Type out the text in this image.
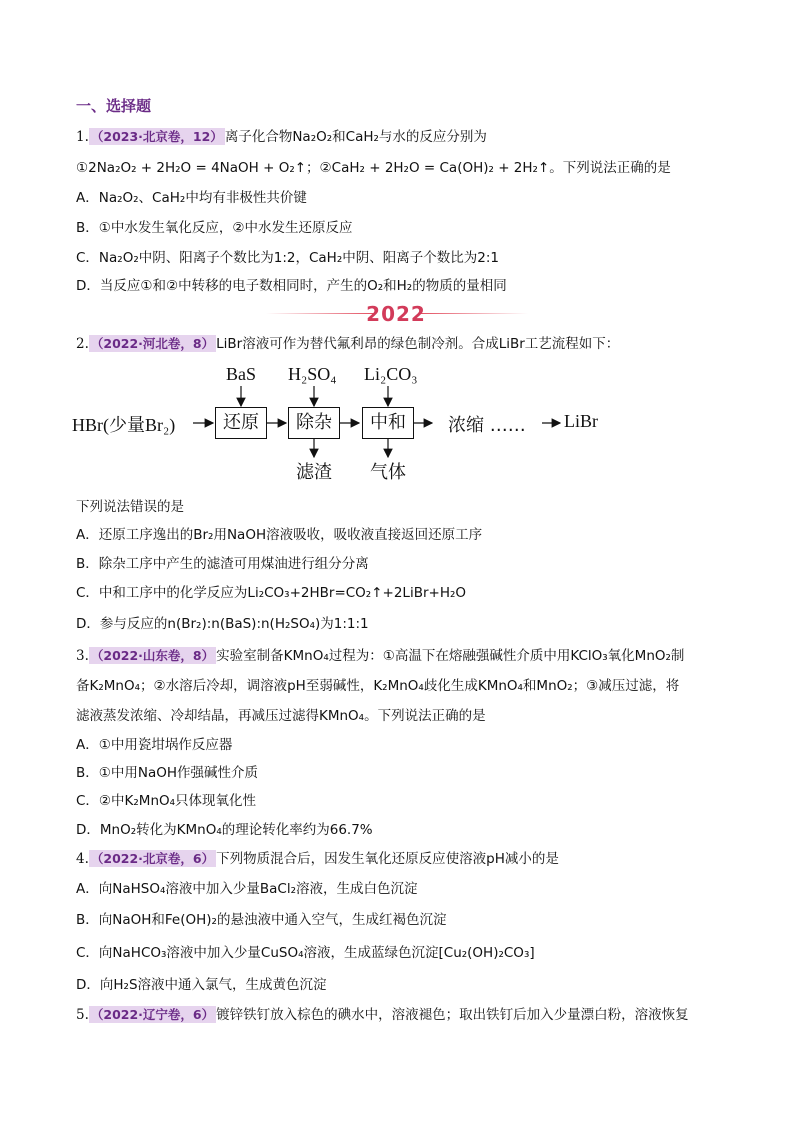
一、选择题
1. （2023·北京卷，12） 离子化合物Na₂O₂和CaH₂与水的反应分别为
①2Na₂O₂ + 2H₂O = 4NaOH + O₂↑；②CaH₂ + 2H₂O = Ca(OH)₂ + 2H₂↑。下列说法正确的是
A．Na₂O₂、CaH₂中均有非极性共价键
B．①中水发生氧化反应，②中水发生还原反应
C．Na₂O₂中阴、阳离子个数比为1:2，CaH₂中阴、阳离子个数比为2:1
D．当反应①和②中转移的电子数相同时，产生的O₂和H₂的物质的量相同
2022
2. （2022·河北卷，8） LiBr溶液可作为替代氟利昂的绿色制冷剂。合成LiBr工艺流程如下：
BaS H₂SO₄ Li₂CO₃
HBr(少量Br₂)	还原	除杂	中和	浓缩 …… LiBr
滤渣 气体
下列说法错误的是
A．还原工序逸出的Br₂用NaOH溶液吸收，吸收液直接返回还原工序
B．除杂工序中产生的滤渣可用煤油进行组分分离
C．中和工序中的化学反应为Li₂CO₃+2HBr=CO₂↑+2LiBr+H₂O
D．参与反应的n(Br₂):n(BaS):n(H₂SO₄)为1:1:1
3. （2022·山东卷，8） 实验室制备KMnO₄过程为：①高温下在熔融强碱性介质中用KClO₃氧化MnO₂制
备K₂MnO₄；②水溶后冷却，调溶液pH至弱碱性，K₂MnO₄歧化生成KMnO₄和MnO₂；③减压过滤，将
滤液蒸发浓缩、冷却结晶，再减压过滤得KMnO₄。下列说法正确的是
A．①中用瓷坩埚作反应器
B．①中用NaOH作强碱性介质
C．②中K₂MnO₄只体现氧化性
D．MnO₂转化为KMnO₄的理论转化率约为66.7%
4. （2022·北京卷，6） 下列物质混合后，因发生氧化还原反应使溶液pH减小的是
A．向NaHSO₄溶液中加入少量BaCl₂溶液，生成白色沉淀
B．向NaOH和Fe(OH)₂的悬浊液中通入空气，生成红褐色沉淀
C．向NaHCO₃溶液中加入少量CuSO₄溶液，生成蓝绿色沉淀[Cu₂(OH)₂CO₃]
D．向H₂S溶液中通入氯气，生成黄色沉淀
5. （2022·辽宁卷，6） 镀锌铁钉放入棕色的碘水中，溶液褪色；取出铁钉后加入少量漂白粉，溶液恢复
